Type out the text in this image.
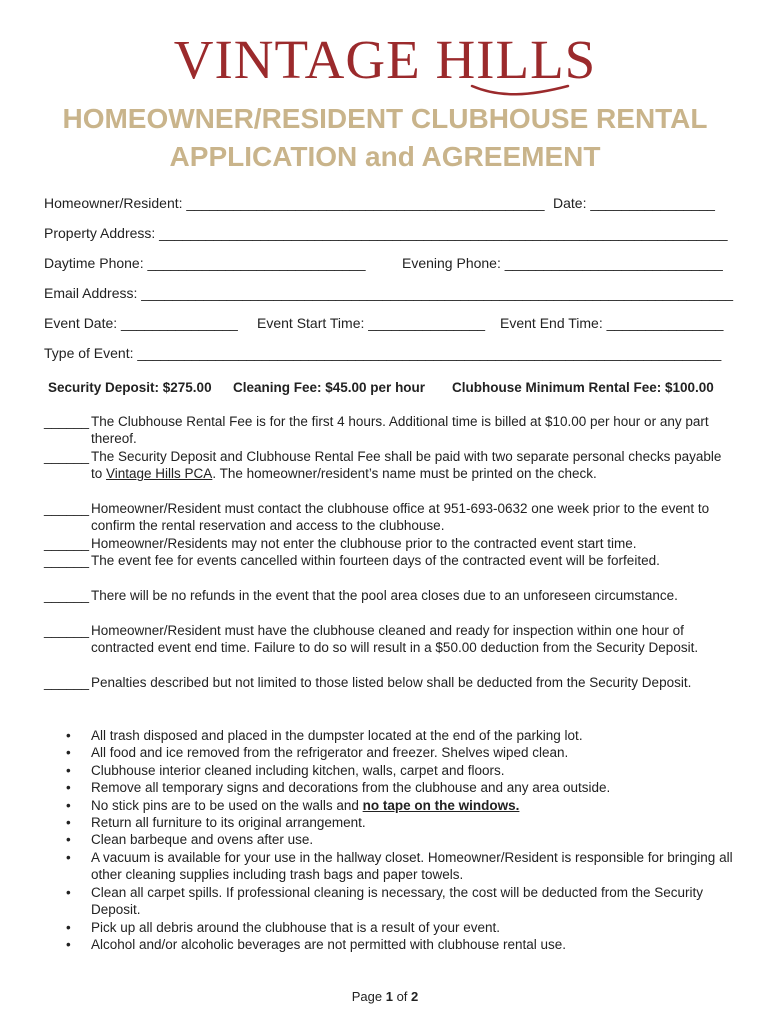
VINTAGE HILLS
HOMEOWNER/RESIDENT CLUBHOUSE RENTAL
APPLICATION and AGREEMENT
Homeowner/Resident: ______________________________________________ Date: ________________
Property Address: _________________________________________________________________________
Daytime Phone: ____________________________	Evening Phone: ____________________________
Email Address: ____________________________________________________________________________
Event Date: _______________ Event Start Time: _______________ Event End Time: _______________
Type of Event: ___________________________________________________________________________
Security Deposit: $275.00 Cleaning Fee: $45.00 per hour Clubhouse Minimum Rental Fee: $100.00
______ The Clubhouse Rental Fee is for the first 4 hours. Additional time is billed at $10.00 per hour or any part thereof.
______ The Security Deposit and Clubhouse Rental Fee shall be paid with two separate personal checks payable to Vintage Hills PCA. The homeowner/resident’s name must be printed on the check.
______ Homeowner/Resident must contact the clubhouse office at 951-693-0632 one week prior to the event to confirm the rental reservation and access to the clubhouse.
______ Homeowner/Residents may not enter the clubhouse prior to the contracted event start time.
______ The event fee for events cancelled within fourteen days of the contracted event will be forfeited.
______ There will be no refunds in the event that the pool area closes due to an unforeseen circumstance.
______ Homeowner/Resident must have the clubhouse cleaned and ready for inspection within one hour of contracted event end time. Failure to do so will result in a $50.00 deduction from the Security Deposit.
______ Penalties described but not limited to those listed below shall be deducted from the Security Deposit.
• All trash disposed and placed in the dumpster located at the end of the parking lot.
• All food and ice removed from the refrigerator and freezer. Shelves wiped clean.
• Clubhouse interior cleaned including kitchen, walls, carpet and floors.
• Remove all temporary signs and decorations from the clubhouse and any area outside.
• No stick pins are to be used on the walls and no tape on the windows.
• Return all furniture to its original arrangement.
• Clean barbeque and ovens after use.
• A vacuum is available for your use in the hallway closet. Homeowner/Resident is responsible for bringing all other cleaning supplies including trash bags and paper towels.
• Clean all carpet spills. If professional cleaning is necessary, the cost will be deducted from the Security Deposit.
• Pick up all debris around the clubhouse that is a result of your event.
• Alcohol and/or alcoholic beverages are not permitted with clubhouse rental use.
Page 1 of 2
